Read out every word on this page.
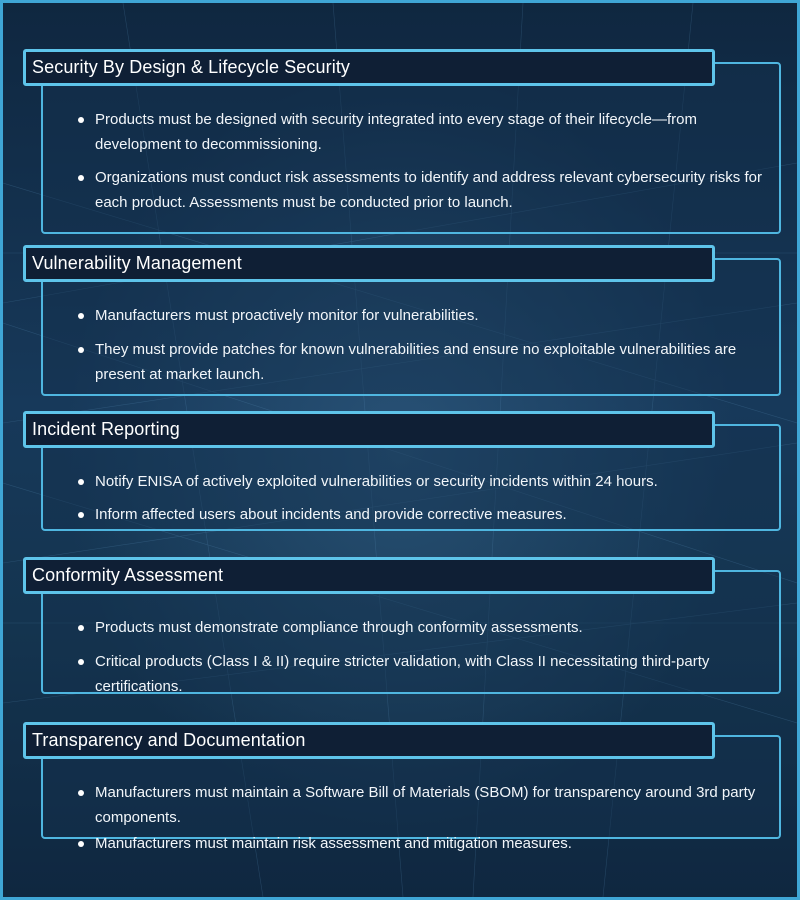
Security By Design & Lifecycle Security
Products must be designed with security integrated into every stage of their lifecycle—from development to decommissioning.
Organizations must conduct risk assessments to identify and address relevant cybersecurity risks for each product. Assessments must be conducted prior to launch.
Vulnerability Management
Manufacturers must proactively monitor for vulnerabilities.
They must provide patches for known vulnerabilities and ensure no exploitable vulnerabilities are present at market launch.
Incident Reporting
Notify ENISA of actively exploited vulnerabilities or security incidents within 24 hours.
Inform affected users about incidents and provide corrective measures.
Conformity Assessment
Products must demonstrate compliance through conformity assessments.
Critical products (Class I & II) require stricter validation, with Class II necessitating third-party certifications.
Transparency and Documentation
Manufacturers must maintain a Software Bill of Materials (SBOM) for transparency around 3rd party components.
Manufacturers must maintain risk assessment and mitigation measures.
